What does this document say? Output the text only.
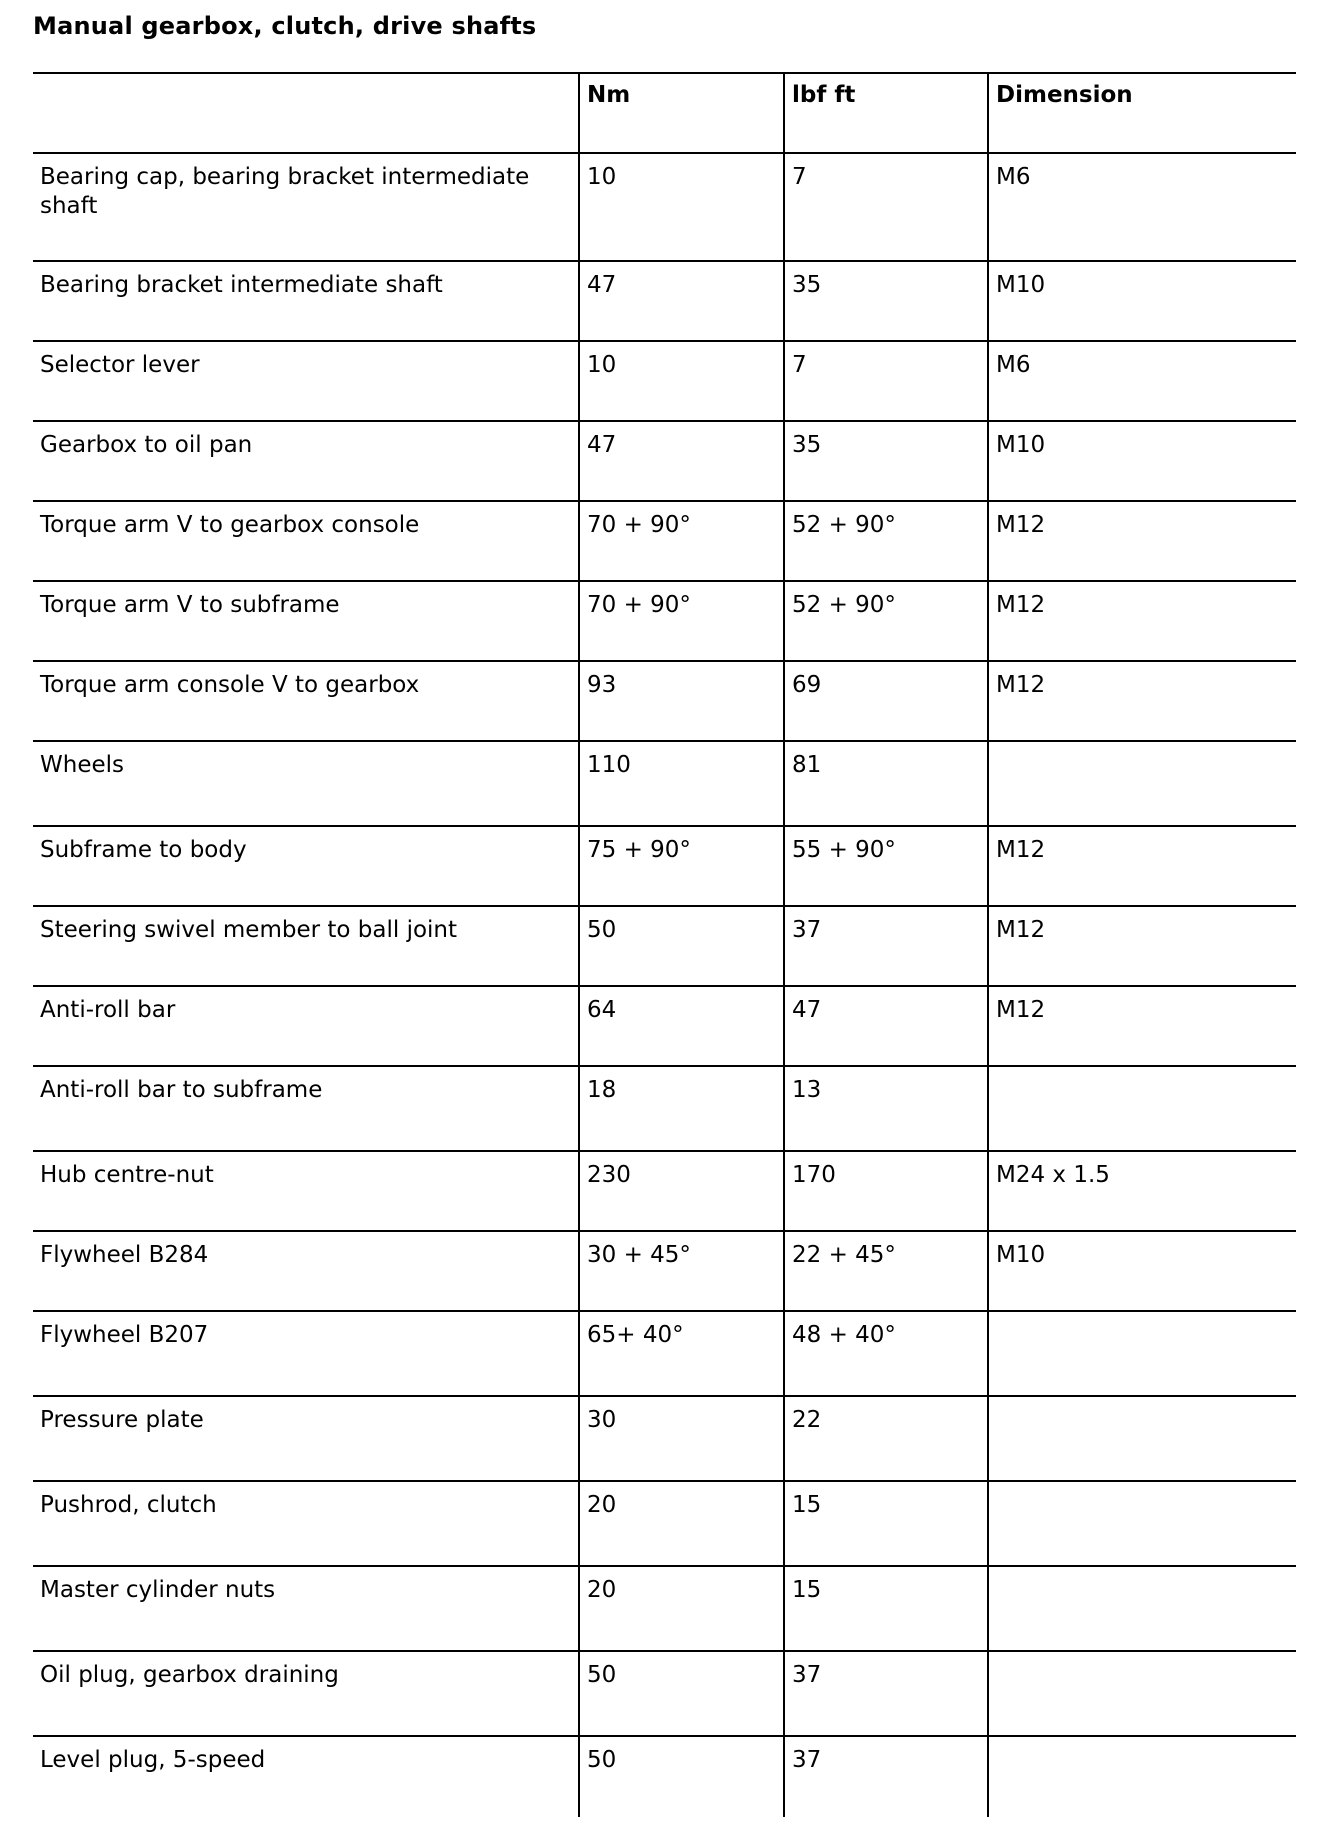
Manual gearbox, clutch, drive shafts
	Nm	lbf ft	Dimension
Bearing cap, bearing bracket intermediate shaft	10	7	M6
Bearing bracket intermediate shaft	47	35	M10
Selector lever	10	7	M6
Gearbox to oil pan	47	35	M10
Torque arm V to gearbox console	70 + 90°	52 + 90°	M12
Torque arm V to subframe	70 + 90°	52 + 90°	M12
Torque arm console V to gearbox	93	69	M12
Wheels	110	81	
Subframe to body	75 + 90°	55 + 90°	M12
Steering swivel member to ball joint	50	37	M12
Anti-roll bar	64	47	M12
Anti-roll bar to subframe	18	13	
Hub centre-nut	230	170	M24 x 1.5
Flywheel B284	30 + 45°	22 + 45°	M10
Flywheel B207	65+ 40°	48 + 40°	
Pressure plate	30	22	
Pushrod, clutch	20	15	
Master cylinder nuts	20	15	
Oil plug, gearbox draining	50	37	
Level plug, 5-speed	50	37	
